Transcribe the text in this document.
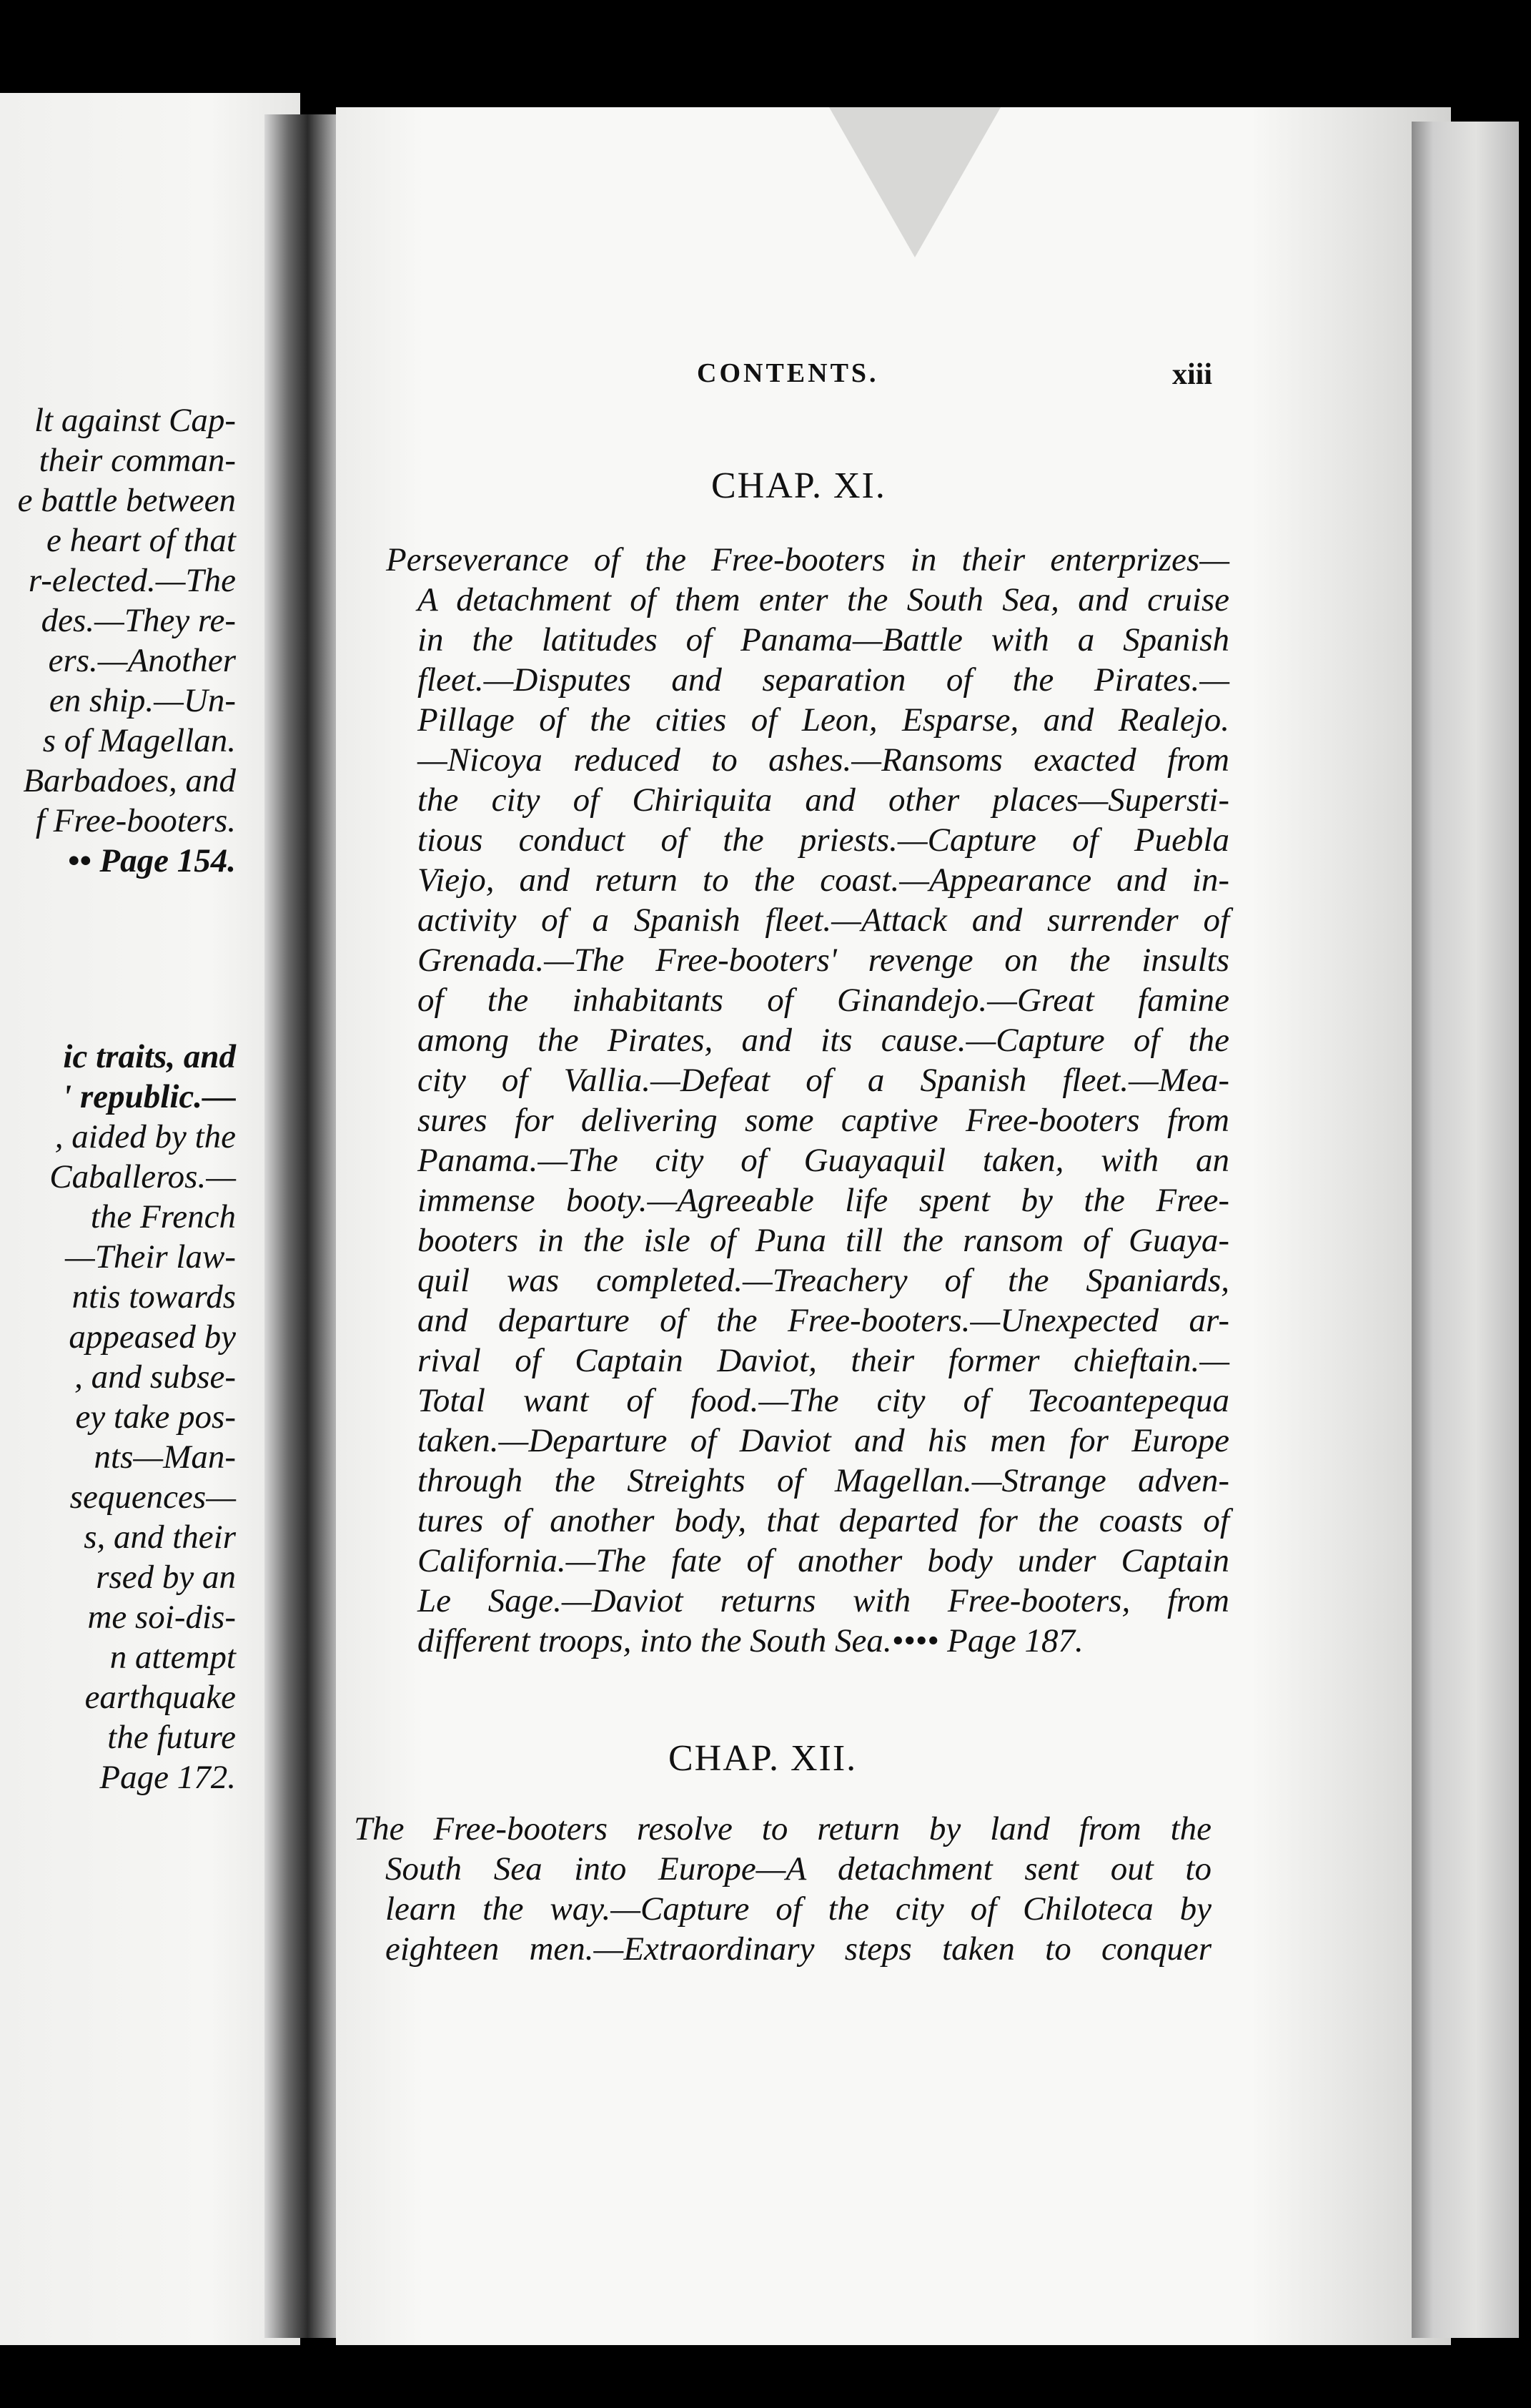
lt against Cap-
their comman-
e battle between
e heart of that
r-elected.—The
des.—They re-
ers.—Another
en ship.—Un-
s of Magellan.
Barbadoes, and
f Free-booters.
•• Page 154.
ic traits, and
' republic.—
, aided by the
Caballeros.—
the French
—Their law-
ntis towards
appeased by
, and subse-
ey take pos-
nts—Man-
sequences—
s, and their
rsed by an
me soi-dis-
n attempt
earthquake
the future
Page 172.
CONTENTS.	xiii
CHAP. XI.
Perseverance of the Free-booters in their enterprizes—
A detachment of them enter the South Sea, and cruise
in the latitudes of Panama—Battle with a Spanish
fleet.—Disputes and separation of the Pirates.—
Pillage of the cities of Leon, Esparse, and Realejo.
—Nicoya reduced to ashes.—Ransoms exacted from
the city of Chiriquita and other places—Supersti-
tious conduct of the priests.—Capture of Puebla
Viejo, and return to the coast.—Appearance and in-
activity of a Spanish fleet.—Attack and surrender of
Grenada.—The Free-booters' revenge on the insults
of the inhabitants of Ginandejo.—Great famine
among the Pirates, and its cause.—Capture of the
city of Vallia.—Defeat of a Spanish fleet.—Mea-
sures for delivering some captive Free-booters from
Panama.—The city of Guayaquil taken, with an
immense booty.—Agreeable life spent by the Free-
booters in the isle of Puna till the ransom of Guaya-
quil was completed.—Treachery of the Spaniards,
and departure of the Free-booters.—Unexpected ar-
rival of Captain Daviot, their former chieftain.—
Total want of food.—The city of Tecoantepequa
taken.—Departure of Daviot and his men for Europe
through the Streights of Magellan.—Strange adven-
tures of another body, that departed for the coasts of
California.—The fate of another body under Captain
Le Sage.—Daviot returns with Free-booters, from
different troops, into the South Sea.•••• Page 187.
CHAP. XII.
The Free-booters resolve to return by land from the
South Sea into Europe—A detachment sent out to
learn the way.—Capture of the city of Chiloteca by
eighteen men.—Extraordinary steps taken to conquer
